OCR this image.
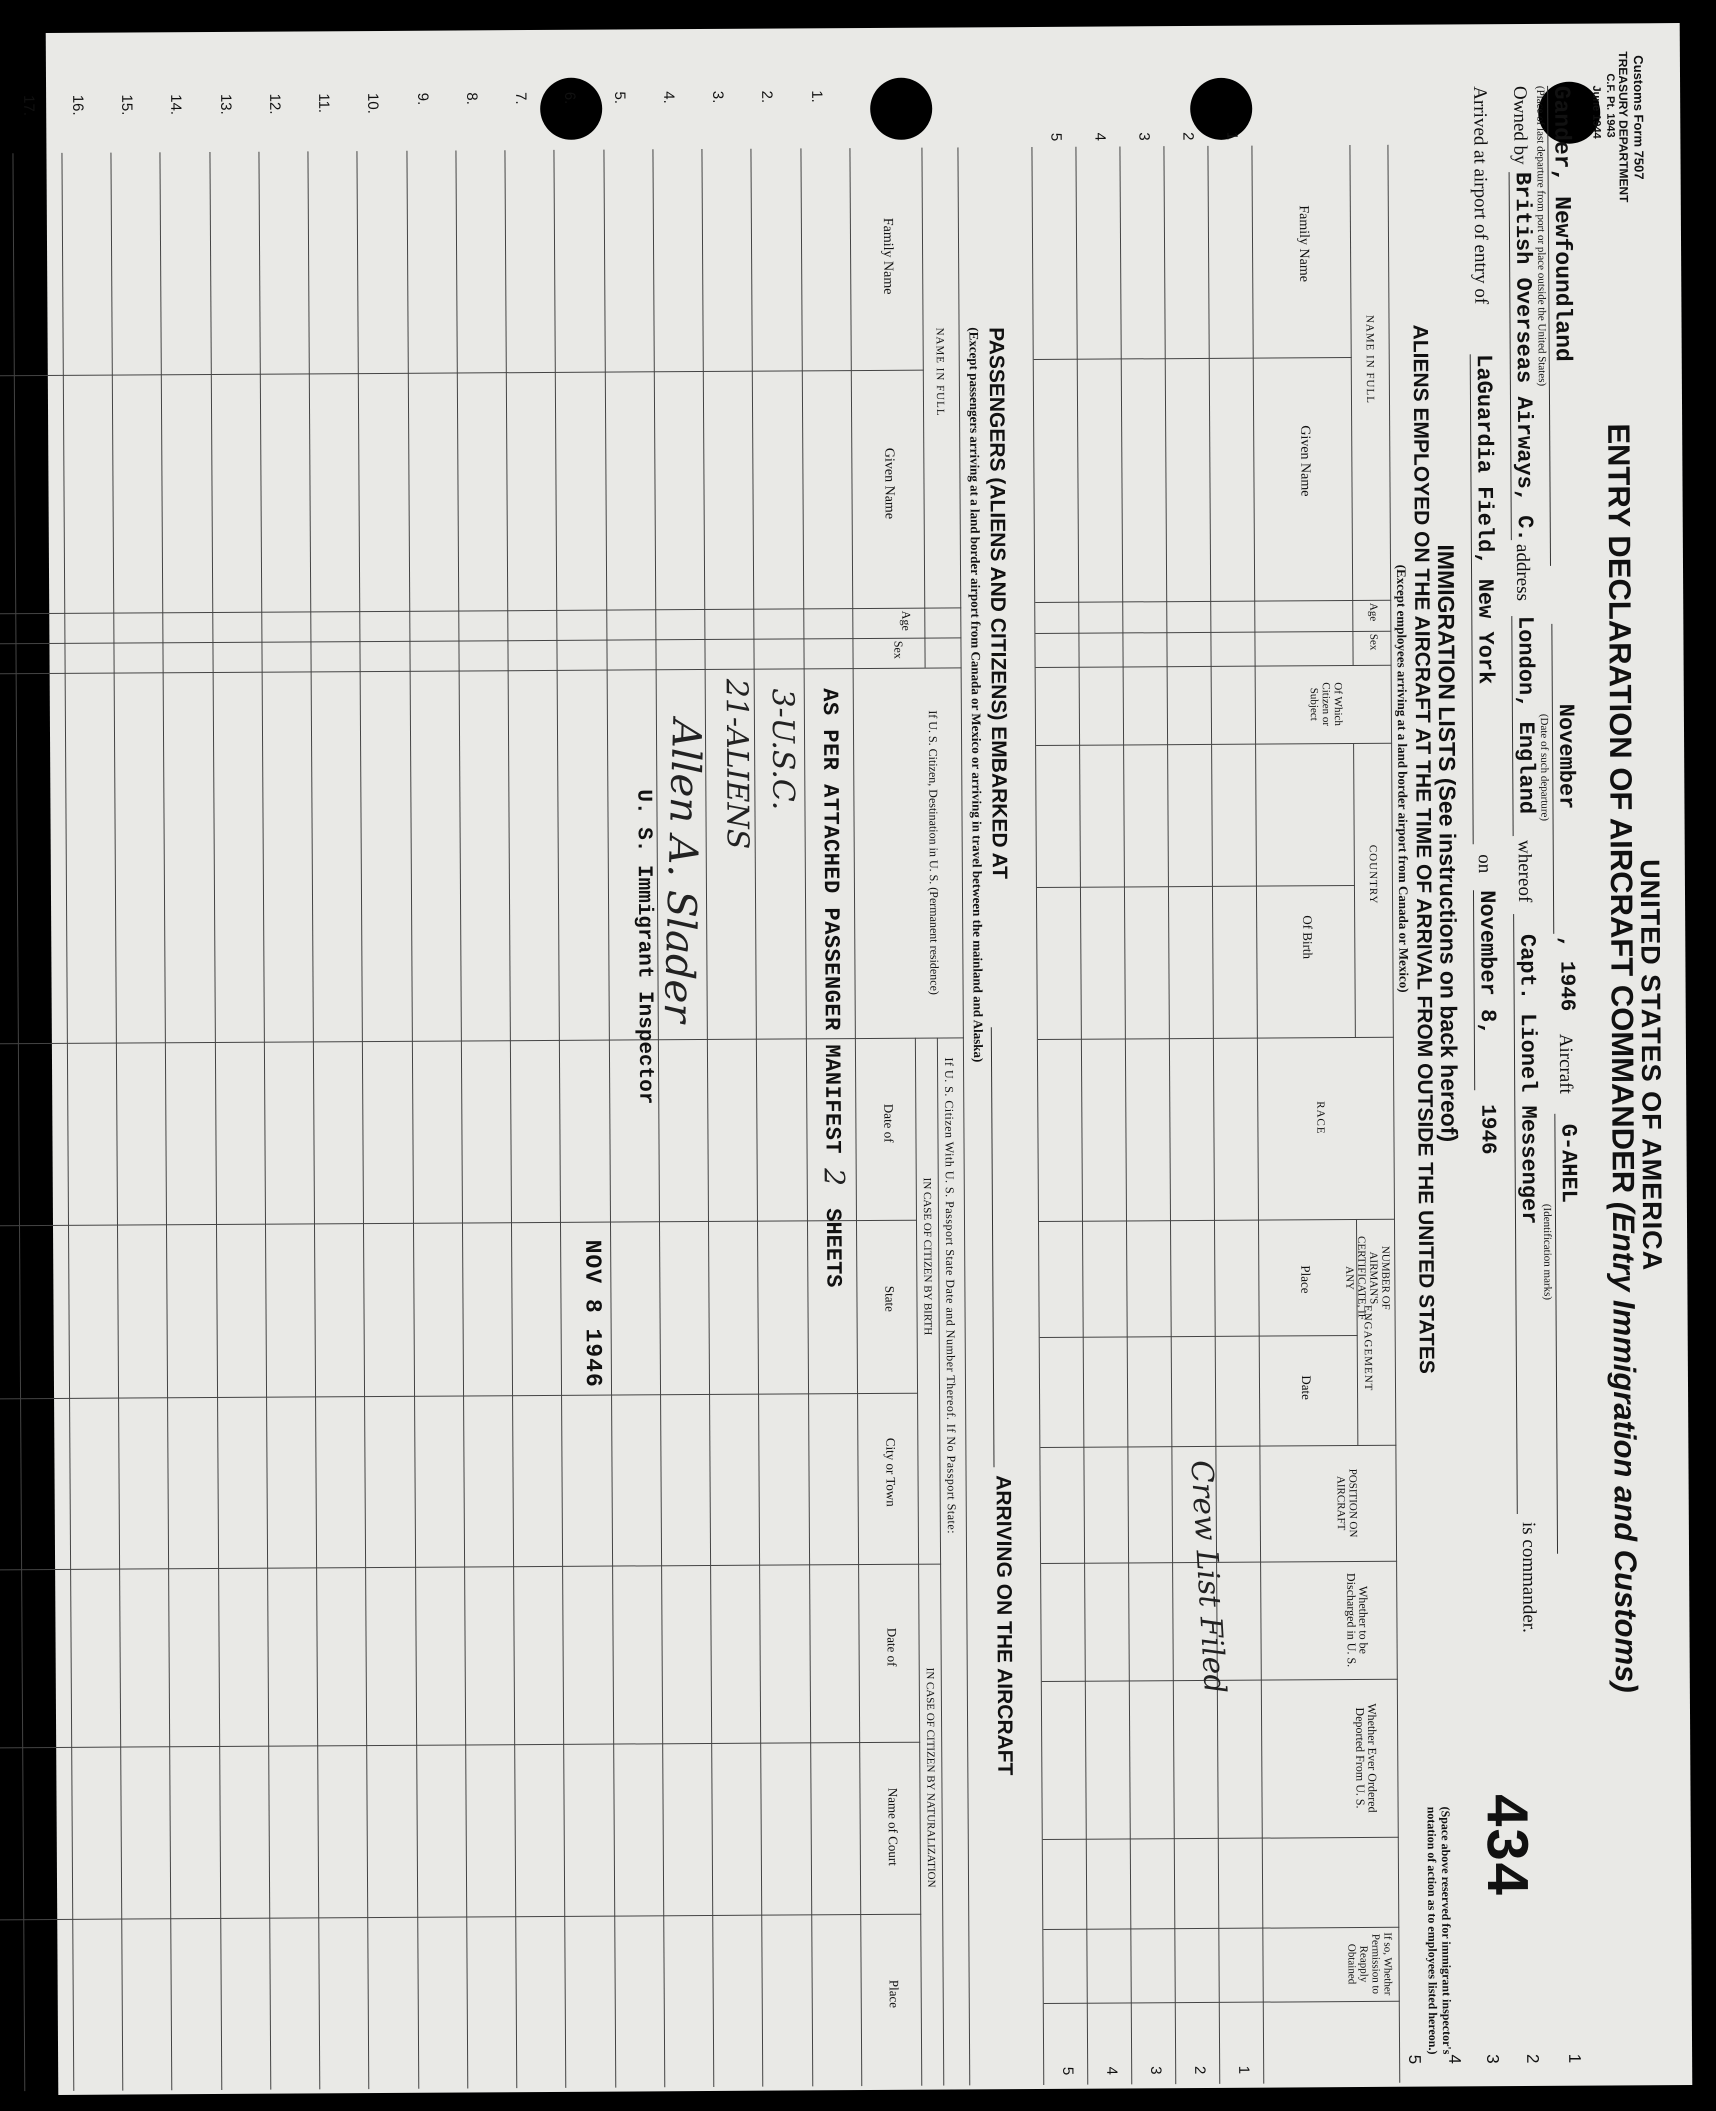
Customs Form 7507
TREASURY DEPARTMENT
C.F. Pt. 1943
June 1944
UNITED STATES OF AMERICA
ENTRY DECLARATION OF AIRCRAFT COMMANDER (Entry Immigration and Customs)
Gander, Newfoundland
(Place of last departure from port or place outside the United States)
November
(Date of such departure)
, 1946
Aircraft
G-AHEL
(Identification marks)
1
Owned by
British Overseas Airways, C.
address
London, England
whereof
Capt. Lionel Messenger
is commander.
2
Arrived at airport of entry of
LaGuardia Field, New York
on
November 8,
1946
3
4
5
434
IMMIGRATION LISTS (See instructions on back hereof)
ALIENS EMPLOYED ON THE AIRCRAFT AT THE TIME OF ARRIVAL FROM OUTSIDE THE UNITED STATES
(Except employees arriving at a land border airport from Canada or Mexico)
(Space above reserved for immigrant inspector's notation of action as to employees listed hereon.)
NAME IN FULL
Family Name
Given Name
Age
Sex
COUNTRY
Of Which Citizen or Subject
Of Birth
RACE
NUMBER OF AIRMAN'S CERTIFICATE, IF ANY
ENGAGEMENT
Place
Date
POSITION ON AIRCRAFT
Whether to be Discharged in U. S.
Whether Ever Ordered Deported From U. S.
If so, Whether Permission to Reapply Obtained
1
2
3
4
5
1
2
3
4
5
Crew List Filed
PASSENGERS (ALIENS AND CITIZENS) EMBARKED AT
ARRIVING ON THE AIRCRAFT
(Except passengers arriving at a land border airport from Canada or Mexico or arriving in travel between the mainland and Alaska)
NAME IN FULL
Family Name
Given Name
Age
Sex
If U. S. Citizen, Destination in U. S. (Permanent residence)
If U. S. Citizen With U. S. Passport State Date and Number Thereof. If No Passport State:
IN CASE OF CITIZEN BY BIRTH
IN CASE OF CITIZEN BY NATURALIZATION
Date of
State
City or Town
Date of
Name of Court
Place
1.
2.
3.
4.
5.
6.
7.
8.
9.
10.
11.
12.
13.
14.
15.
16.
17.
AS PER ATTACHED PASSENGER MANIFEST
2
SHEETS
3-U.S.C.
21-ALIENS
Allen A. Slader
U. S. Immigrant Inspector
NOV 8 1946
